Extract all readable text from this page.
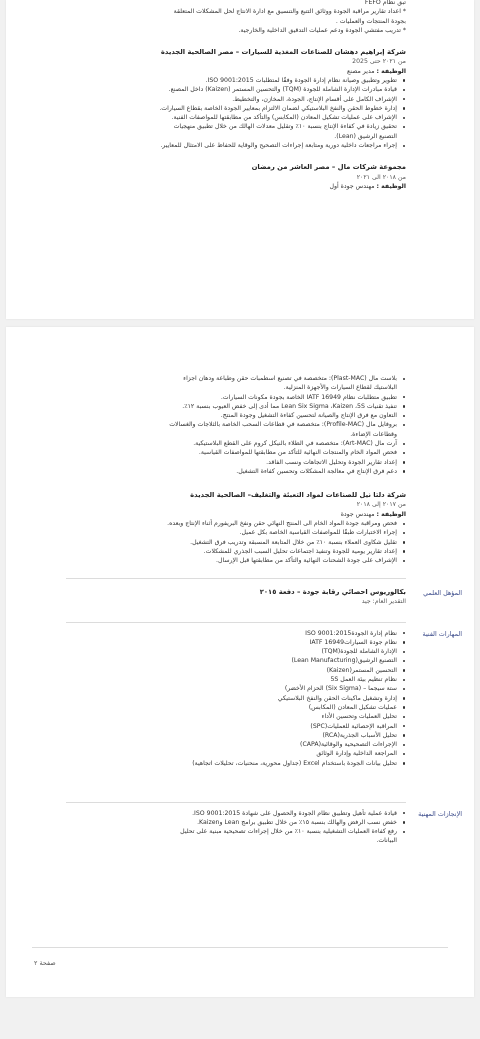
تبق نظام FEFO
* اعداد تقارير مراقبة الجودة ووثائق التتبع والتنسيق مع ادارة الانتاج لحل المشكلات المتعلقة
بجودة المنتجات والعمليات .
* تدريب مفتشي الجودة ودعم عمليات التدقيق الداخلية والخارجية.
شركة إبراهيم دهشان للصناعات المغذية للسيارات – مصر الصالحية الجديدة
من ٢٠٢١ حتى 2025
الوظيفة : مدير مصنع
تطوير وتطبيق وصيانة نظام إدارة الجودة وفقًا لمتطلبات ISO 9001:2015.
قيادة مبادرات الإدارة الشاملة للجودة (TQM) والتحسين المستمر (Kaizen) داخل المصنع.
الإشراف الكامل على أقسام الإنتاج، الجودة، المخازن، والتخطيط.
إدارة خطوط الحقن والنفخ البلاستيكي لضمان الالتزام بمعايير الجودة الخاصة بقطاع السيارات.
الإشراف على عمليات تشكيل المعادن (المكابس) والتأكد من مطابقتها للمواصفات الفنية.
تحقيق زيادة في كفاءة الإنتاج بنسبة ١٠٪ وتقليل معدلات الهالك من خلال تطبيق منهجيات
التصنيع الرشيق (Lean).
إجراء مراجعات داخلية دورية ومتابعة إجراءات التصحيح والوقاية للحفاظ على الامتثال للمعايير.
مجموعة شركات مال – مصر العاشر من رمضان
من ٢٠١٨ الى ٢٠٢١
الوظيفة : مهندس جودة أول
بلاست مال (Plast-MAC): متخصصة في تصنيع اسطمبات حقن وطباعة ودهان اجزاء
البلاستيك لقطاع السيارات والأجهزة المنزلية.
تطبيق متطلبات نظام IATF 16949 الخاصة بجودة مكونات السيارات.
تنفيذ تقنيات Lean Six Sigma ،Kaizen ،5S مما أدى إلى خفض العيوب بنسبة ١٢٪.
التعاون مع فرق الإنتاج والصيانة لتحسين كفاءة التشغيل وجودة المنتج.
بروفايل مال (Profile-MAC): متخصصة في قطاعات السحب الخاصة بالثلاجات والغسالات
وقطاعات الإضاءة.
آرت مال (Art-MAC): متخصصة في الطلاء بالنيكل كروم على القطع البلاستيكية.
فحص المواد الخام والمنتجات النهائية للتأكد من مطابقتها للمواصفات القياسية.
إعداد تقارير الجودة وتحليل الاتجاهات ونسب الفاقد.
دعم فرق الإنتاج في معالجة المشكلات وتحسين كفاءة التشغيل.
شركة دلتا نيل للصناعات لمواد التعبئة والتغليف– الصالحية الجديدة
من ٢٠١٧ إلى ٢٠١٨
الوظيفة : مهندس جودة
فحص ومراقبة جودة المواد الخام الى المنتج النهائي حقن ونفخ البريفورم أثناء الإنتاج وبعده.
إجراء الاختبارات طبقًا للمواصفات القياسية الخاصة بكل عميل.
تقليل شكاوى العملاء بنسبة ١٠٪ من خلال المتابعة المسبقة وتدريب فرق التشغيل.
إعداد تقارير يومية للجودة وتنفيذ اجتماعات تحليل السبب الجذري للمشكلات.
الإشراف على جودة الشحنات النهائية والتأكد من مطابقتها قبل الإرسال.
المؤهل العلمي
بكالوريوس احصائي رقابة جودة – دفعة ٢٠١٥
التقدير العام: جيد
المهارات الفنية
نظام إدارة الجودةISO 9001:2015
نظام جودة السياراتIATF 16949
الإدارة الشاملة للجودة(TQM)
التصنيع الرشيق(Lean Manufacturing)
التحسين المستمر(Kaizen)
نظام تنظيم بيئة العمل 5S
ستة سيجما – (Six Sigma) الحزام الأخضر)
إدارة وتشغيل ماكينات الحقن والنفخ البلاستيكي
عمليات تشكيل المعادن (المكابس)
تحليل العمليات وتحسين الأداء
المراقبة الإحصائية للعمليات(SPC)
تحليل الأسباب الجذرية(RCA)
الإجراءات التصحيحية والوقائية(CAPA)
المراجعة الداخلية وإدارة الوثائق
تحليل بيانات الجودة باستخدام Excel (جداول محورية، منحنيات، تحليلات اتجاهية)
الإنجازات المهنية
قيادة عملية تأهيل وتطبيق نظام الجودة والحصول على شهادة ISO 9001:2015.
خفض نسب الرفض والهالك بنسبة ١٥٪ من خلال تطبيق برامج Lean وKaizen.
رفع كفاءة العمليات التشغيلية بنسبة ١٠٪ من خلال إجراءات تصحيحية مبنية على تحليل
البيانات.
صفحة ٢
